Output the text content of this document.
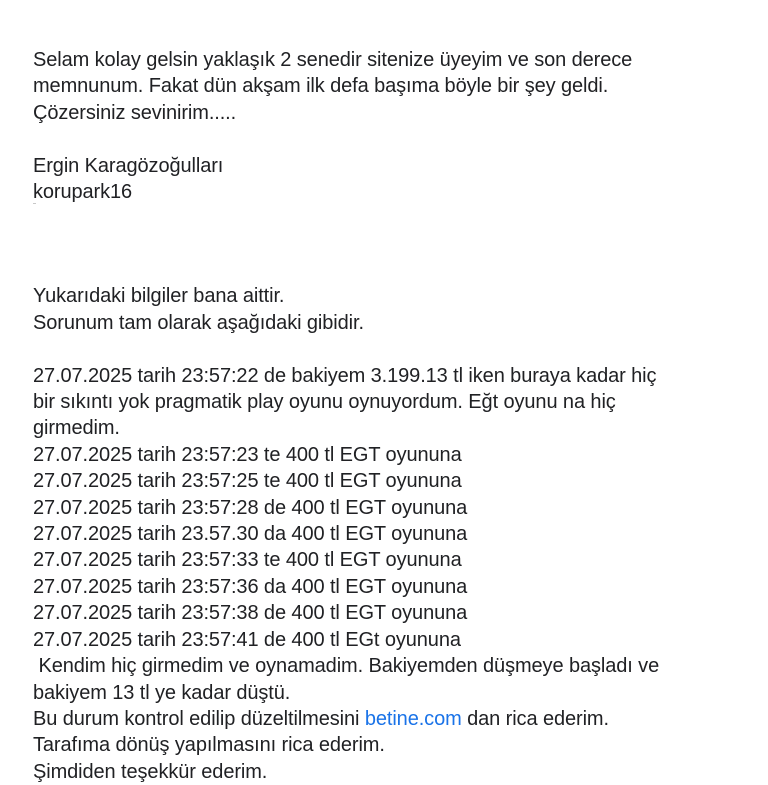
Selam kolay gelsin yaklaşık 2 senedir sitenize üyeyim ve son derece
memnunum. Fakat dün akşam ilk defa başıma böyle bir şey geldi.
Çözersiniz sevinirim.....
Ergin Karagözoğulları
korupark16
Yukarıdaki bilgiler bana aittir.
Sorunum tam olarak aşağıdaki gibidir.
27.07.2025 tarih 23:57:22 de bakiyem 3.199.13 tl iken buraya kadar hiç
bir sıkıntı yok pragmatik play oyunu oynuyordum. Eğt oyunu na hiç
girmedim.
27.07.2025 tarih 23:57:23 te 400 tl EGT oyununa
27.07.2025 tarih 23:57:25 te 400 tl EGT oyununa
27.07.2025 tarih 23:57:28 de 400 tl EGT oyununa
27.07.2025 tarih 23.57.30 da 400 tl EGT oyununa
27.07.2025 tarih 23:57:33 te 400 tl EGT oyununa
27.07.2025 tarih 23:57:36 da 400 tl EGT oyununa
27.07.2025 tarih 23:57:38 de 400 tl EGT oyununa
27.07.2025 tarih 23:57:41 de 400 tl EGt oyununa
Kendim hiç girmedim ve oynamadim. Bakiyemden düşmeye başladı ve
bakiyem 13 tl ye kadar düştü.
Bu durum kontrol edilip düzeltilmesini betine.com dan rica ederim.
Tarafıma dönüş yapılmasını rica ederim.
Şimdiden teşekkür ederim.
